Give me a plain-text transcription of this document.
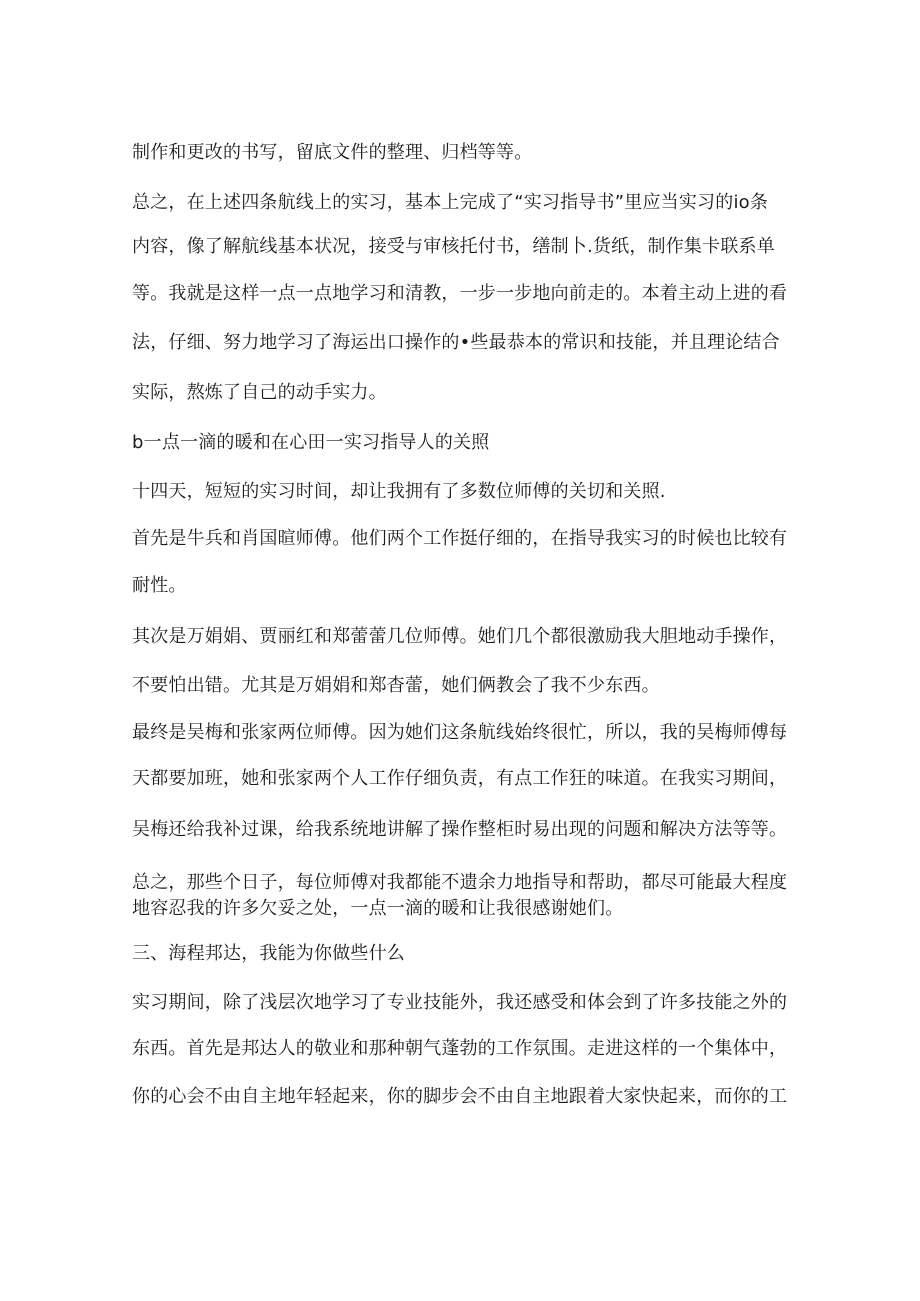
制作和更改的书写，留底文件的整理、归档等等。

总之，在上述四条航线上的实习，基本上完成了“实习指导书”里应当实习的io条

内容，像了解航线基本状况，接受与审核托付书，缮制卜.货纸，制作集卡联系单

等。我就是这样一点一点地学习和清教，一步一步地向前走的。本着主动上进的看

法，仔细、努力地学习了海运出口操作的•些最恭本的常识和技能，并且理论结合

实际，熬炼了自己的动手实力。

b一点一滴的暖和在心田一实习指导人的关照

十四天，短短的实习时间，却让我拥有了多数位师傅的关切和关照.

首先是牛兵和肖国暄师傅。他们两个工作挺仔细的，在指导我实习的时候也比较有

耐性。

其次是万娟娟、贾丽红和郑蕾蕾几位师傅。她们几个都很激励我大胆地动手操作，

不要怕出错。尤其是万娟娟和郑杳蕾，她们俩教会了我不少东西。

最终是吴梅和张家两位师傅。因为她们这条航线始终很忙，所以，我的吴梅师傅每

天都要加班，她和张家两个人工作仔细负责，有点工作狂的味道。在我实习期间，

吴梅还给我补过课，给我系统地讲解了操作整柜时易出现的问题和解决方法等等。

总之，那些个日子，每位师傅对我都能不遗余力地指导和帮助，都尽可能最大程度

地容忍我的许多欠妥之处，一点一滴的暖和让我很感谢她们。

三、海程邦达，我能为你做些什么

实习期间，除了浅层次地学习了专业技能外，我还感受和体会到了许多技能之外的

东西。首先是邦达人的敬业和那种朝气蓬勃的工作氛围。走进这样的一个集体中，

你的心会不由自主地年轻起来，你的脚步会不由自主地跟着大家快起来，而你的工
